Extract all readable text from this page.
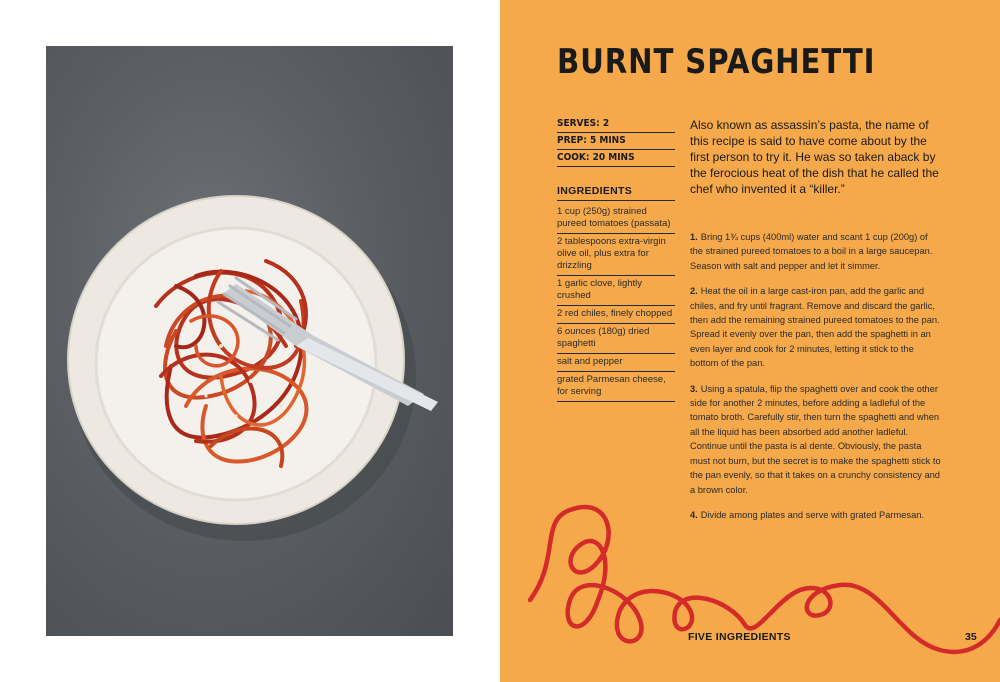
BURNT SPAGHETTI
SERVES: 2
PREP: 5 MINS
COOK: 20 MINS
INGREDIENTS
1 cup (250g) strained pureed tomatoes (passata)
2 tablespoons extra-virgin olive oil, plus extra for drizzling
1 garlic clove, lightly crushed
2 red chiles, finely chopped
6 ounces (180g) dried spaghetti
salt and pepper
grated Parmesan cheese, for serving
Also known as assassin’s pasta, the name of this recipe is said to have come about by the first person to try it. He was so taken aback by the ferocious heat of the dish that he called the chef who invented it a “killer.”
1. Bring 1¾ cups (400ml) water and scant 1 cup (200g) of the strained pureed tomatoes to a boil in a large saucepan. Season with salt and pepper and let it simmer.
2. Heat the oil in a large cast-iron pan, add the garlic and chiles, and fry until fragrant. Remove and discard the garlic, then add the remaining strained pureed tomatoes to the pan. Spread it evenly over the pan, then add the spaghetti in an even layer and cook for 2 minutes, letting it stick to the bottom of the pan.
3. Using a spatula, flip the spaghetti over and cook the other side for another 2 minutes, before adding a ladleful of the tomato broth. Carefully stir, then turn the spaghetti and when all the liquid has been absorbed add another ladleful. Continue until the pasta is al dente. Obviously, the pasta must not burn, but the secret is to make the spaghetti stick to the pan evenly, so that it takes on a crunchy consistency and a brown color.
4. Divide among plates and serve with grated Parmesan.
FIVE INGREDIENTS	35
